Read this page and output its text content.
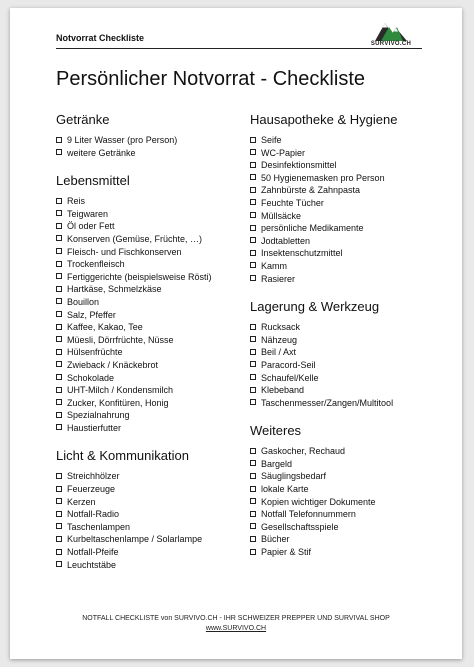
Notvorrat Checkliste
SURVIVO.CH
Persönlicher Notvorrat - Checkliste
Getränke
9 Liter Wasser (pro Person)
weitere Getränke
Lebensmittel
Reis
Teigwaren
Öl oder Fett
Konserven (Gemüse, Früchte, …)
Fleisch- und Fischkonserven
Trockenfleisch
Fertiggerichte (beispielsweise Rösti)
Hartkäse, Schmelzkäse
Bouillon
Salz, Pfeffer
Kaffee, Kakao, Tee
Müesli, Dörrfrüchte, Nüsse
Hülsenfrüchte
Zwieback / Knäckebrot
Schokolade
UHT-Milch / Kondensmilch
Zucker, Konfitüren, Honig
Spezialnahrung
Haustierfutter
Licht & Kommunikation
Streichhölzer
Feuerzeuge
Kerzen
Notfall-Radio
Taschenlampen
Kurbeltaschenlampe / Solarlampe
Notfall-Pfeife
Leuchtstäbe
Hausapotheke & Hygiene
Seife
WC-Papier
Desinfektionsmittel
50 Hygienemasken pro Person
Zahnbürste & Zahnpasta
Feuchte Tücher
Müllsäcke
persönliche Medikamente
Jodtabletten
Insektenschutzmittel
Kamm
Rasierer
Lagerung & Werkzeug
Rucksack
Nähzeug
Beil / Axt
Paracord-Seil
Schaufel/Kelle
Klebeband
Taschenmesser/Zangen/Multitool
Weiteres
Gaskocher, Rechaud
Bargeld
Säuglingsbedarf
lokale Karte
Kopien wichtiger Dokumente
Notfall Telefonnummern
Gesellschaftsspiele
Bücher
Papier & Stif
NOTFALL CHECKLISTE von SURVIVO.CH - IHR SCHWEIZER PREPPER UND SURVIVAL SHOP
www.SURVIVO.CH
